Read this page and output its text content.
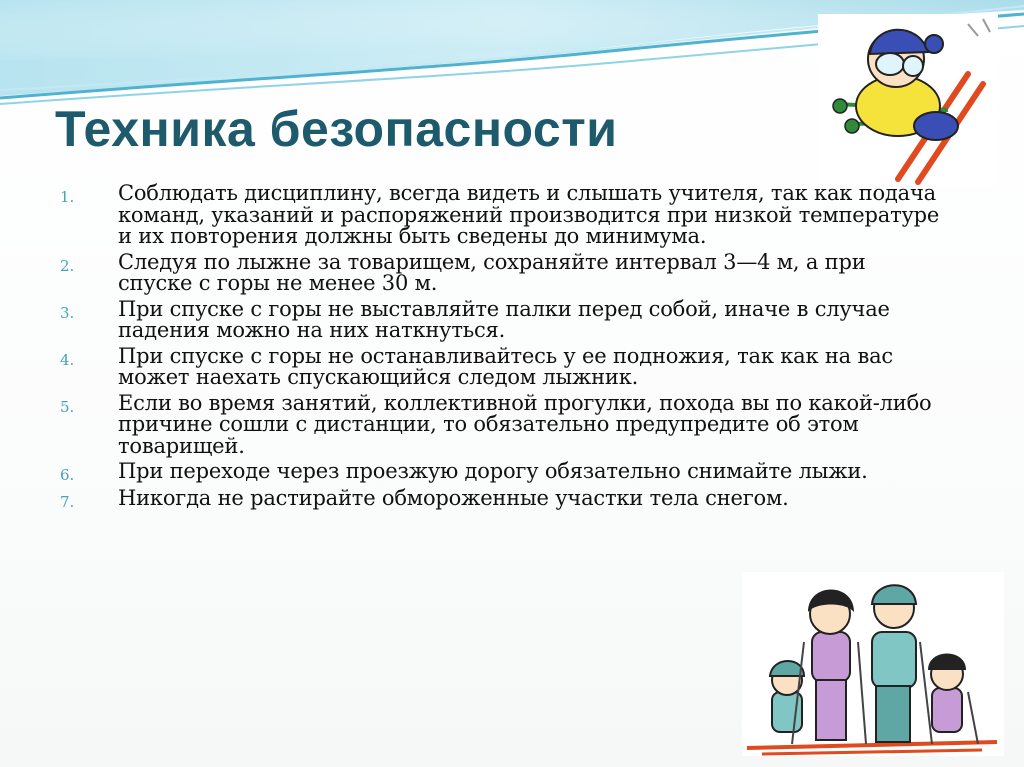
Техника безопасности
1.	Соблюдать дисциплину, всегда видеть и слышать учителя, так как подача команд, указаний и распоряжений производится при низкой температуре и их повторения должны быть сведены до минимума.
2.	Следуя по лыжне за товарищем, сохраняйте интервал 3—4 м, а при спуске с горы не менее 30 м.
3.	При спуске с горы не выставляйте палки перед собой, иначе в случае падения можно на них наткнуться.
4.	При спуске с горы не останавливайтесь у ее подножия, так как на вас может наехать спускающийся следом лыжник.
5.	Если во время занятий, коллективной прогулки, похода вы по какой-либо причине сошли с дистанции, то обязательно предупредите об этом товарищей.
6.	При переходе через проезжую дорогу обязательно снимайте лыжи.
7.	Никогда не растирайте обмороженные участки тела снегом.
